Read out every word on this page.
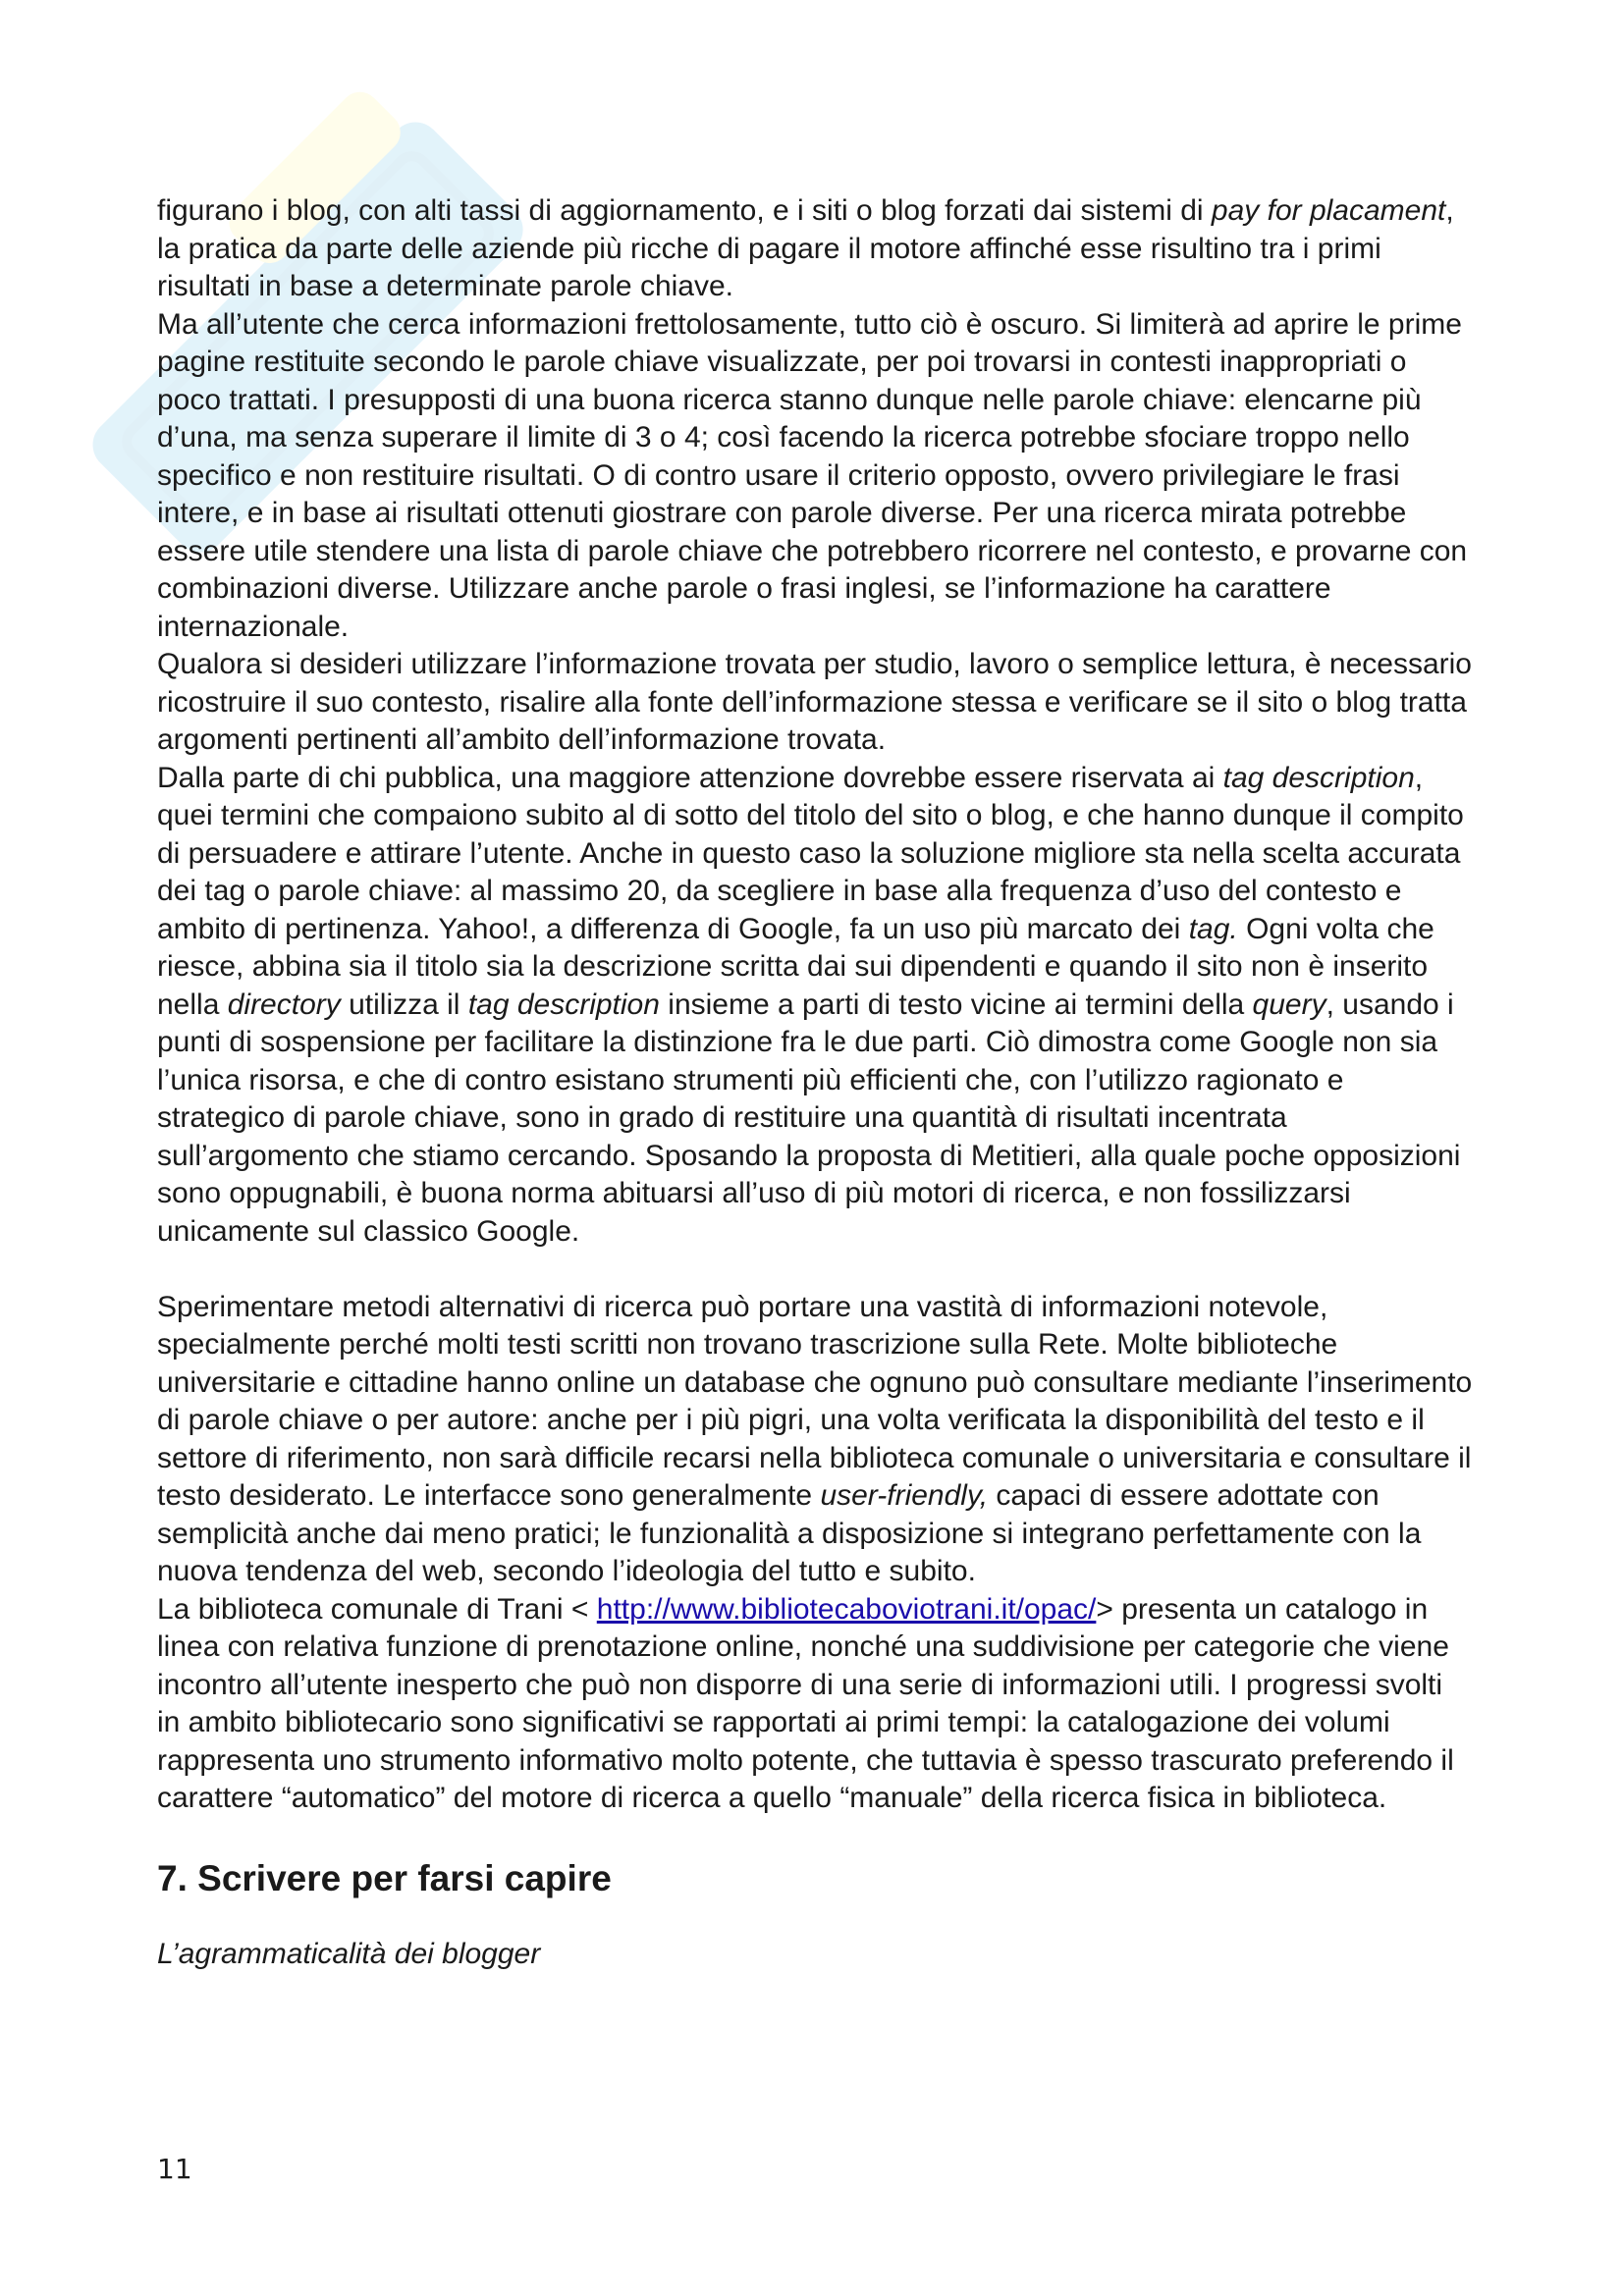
figurano i blog, con alti tassi di aggiornamento, e i siti o blog forzati dai sistemi di pay for placament, la pratica da parte delle aziende più ricche di pagare il motore affinché esse risultino tra i primi risultati in base a determinate parole chiave.

Ma all’utente che cerca informazioni frettolosamente, tutto ciò è oscuro. Si limiterà ad aprire le prime pagine restituite secondo le parole chiave visualizzate, per poi trovarsi in contesti inappropriati o poco trattati. I presupposti di una buona ricerca stanno dunque nelle parole chiave: elencarne più d’una, ma senza superare il limite di 3 o 4; così facendo la ricerca potrebbe sfociare troppo nello specifico e non restituire risultati. O di contro usare il criterio opposto, ovvero privilegiare le frasi intere, e in base ai risultati ottenuti giostrare con parole diverse. Per una ricerca mirata potrebbe essere utile stendere una lista di parole chiave che potrebbero ricorrere nel contesto, e provarne con combinazioni diverse. Utilizzare anche parole o frasi inglesi, se l’informazione ha carattere internazionale.

Qualora si desideri utilizzare l’informazione trovata per studio, lavoro o semplice lettura, è necessario ricostruire il suo contesto, risalire alla fonte dell’informazione stessa e verificare se il sito o blog tratta argomenti pertinenti all’ambito dell’informazione trovata.

Dalla parte di chi pubblica, una maggiore attenzione dovrebbe essere riservata ai tag description, quei termini che compaiono subito al di sotto del titolo del sito o blog, e che hanno dunque il compito di persuadere e attirare l’utente. Anche in questo caso la soluzione migliore sta nella scelta accurata dei tag o parole chiave: al massimo 20, da scegliere in base alla frequenza d’uso del contesto e ambito di pertinenza. Yahoo!, a differenza di Google, fa un uso più marcato dei tag. Ogni volta che riesce, abbina sia il titolo sia la descrizione scritta dai sui dipendenti e quando il sito non è inserito nella directory utilizza il tag description insieme a parti di testo vicine ai termini della query, usando i punti di sospensione per facilitare la distinzione fra le due parti. Ciò dimostra come Google non sia l’unica risorsa, e che di contro esistano strumenti più efficienti che, con l’utilizzo ragionato e strategico di parole chiave, sono in grado di restituire una quantità di risultati incentrata sull’argomento che stiamo cercando. Sposando la proposta di Metitieri, alla quale poche opposizioni sono oppugnabili, è buona norma abituarsi all’uso di più motori di ricerca, e non fossilizzarsi unicamente sul classico Google.

Sperimentare metodi alternativi di ricerca può portare una vastità di informazioni notevole, specialmente perché molti testi scritti non trovano trascrizione sulla Rete. Molte biblioteche universitarie e cittadine hanno online un database che ognuno può consultare mediante l’inserimento di parole chiave o per autore: anche per i più pigri, una volta verificata la disponibilità del testo e il settore di riferimento, non sarà difficile recarsi nella biblioteca comunale o universitaria e consultare il testo desiderato. Le interfacce sono generalmente user-friendly, capaci di essere adottate con semplicità anche dai meno pratici; le funzionalità a disposizione si integrano perfettamente con la nuova tendenza del web, secondo l’ideologia del tutto e subito.

La biblioteca comunale di Trani < http://www.bibliotecaboviotrani.it/opac/> presenta un catalogo in linea con relativa funzione di prenotazione online, nonché una suddivisione per categorie che viene incontro all’utente inesperto che può non disporre di una serie di informazioni utili. I progressi svolti in ambito bibliotecario sono significativi se rapportati ai primi tempi: la catalogazione dei volumi rappresenta uno strumento informativo molto potente, che tuttavia è spesso trascurato preferendo il carattere “automatico” del motore di ricerca a quello “manuale” della ricerca fisica in biblioteca.

7. Scrivere per farsi capire

L’agrammaticalità dei blogger

11
